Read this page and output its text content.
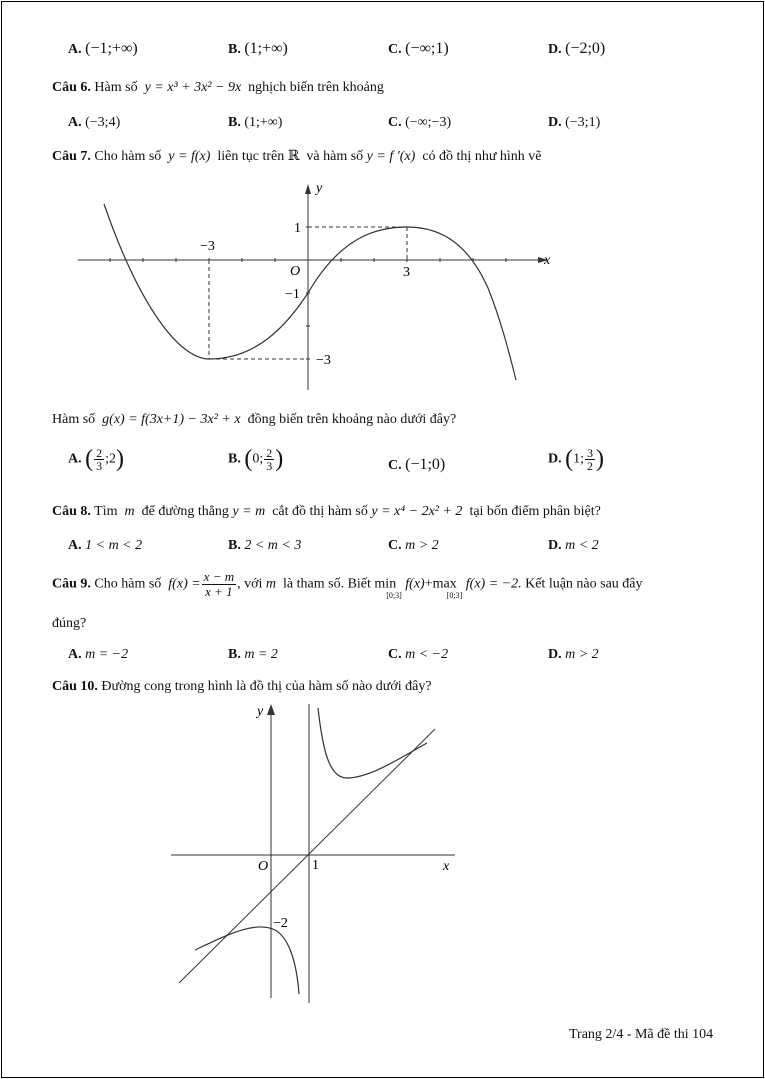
A. (−1;+∞)	B. (1;+∞)	C. (−∞;1)	D. (−2;0)
Câu 6. Hàm số y = x³ + 3x² − 9x nghịch biến trên khoảng
A. (−3;4)	B. (1;+∞)	C. (−∞;−3)	D. (−3;1)
Câu 7. Cho hàm số y = f(x) liên tục trên ℝ và hàm số y = f ′(x) có đồ thị như hình vẽ
y
x
O
1
3
−3
−1
−3
Hàm số g(x) = f(3x+1) − 3x² + x đồng biến trên khoảng nào dưới đây?
A. ( $\frac{2}{3}$ ;2)	B. (0; $\frac{2}{3}$ )	C. (−1;0)	D. (1; $\frac{3}{2}$ )
Câu 8. Tìm m để đường thẳng y = m cắt đồ thị hàm số y = x⁴ − 2x² + 2 tại bốn điểm phân biệt?
A. 1 < m < 2	B. 2 < m < 3	C. m > 2	D. m < 2
Câu 9. Cho hàm số $f(x) = \frac{x - m}{x + 1}$ , với m là tham số. Biết $\min_{[0;3]} f(x)+\max_{[0;3]}$ f(x) = −2. Kết luận nào sau đây
đúng?
A. m = −2	B. m = 2	C. m < −2	D. m > 2
Câu 10. Đường cong trong hình là đồ thị của hàm số nào dưới đây?
y
x
O	1
−2
Trang 2/4 - Mã đề thi 104
